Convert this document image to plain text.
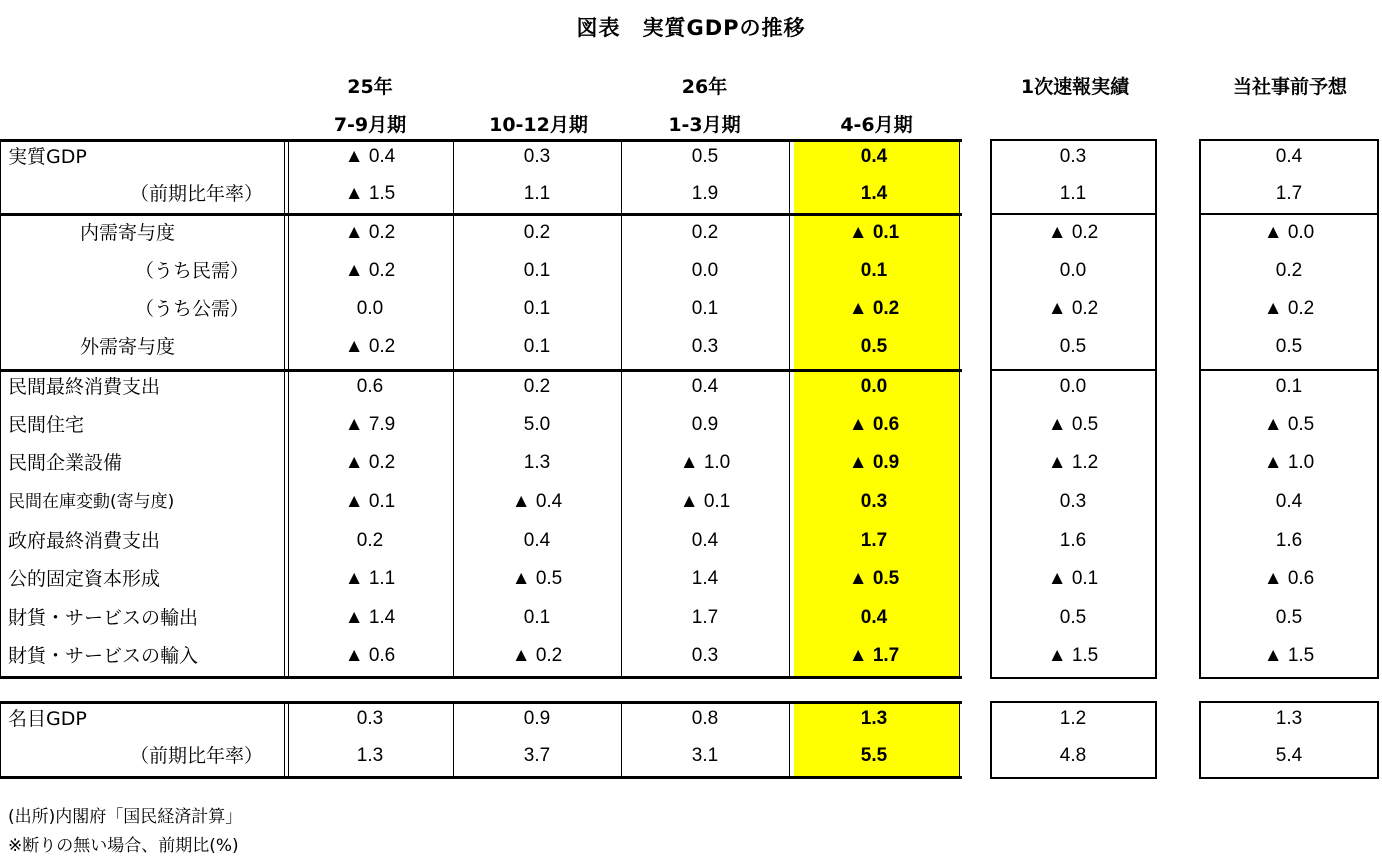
図表　実質GDPの推移
25年	26年
7-9月期	10-12月期	1-3月期	4-6月期
1次速報実績	当社事前予想
実質GDP	▲ 0.4	0.3	0.5	0.4	0.3	0.4
（前期比年率）	▲ 1.5	1.1	1.9	1.4	1.1	1.7
内需寄与度	▲ 0.2	0.2	0.2	▲ 0.1	▲ 0.2	▲ 0.0
（うち民需）	▲ 0.2	0.1	0.0	0.1	0.0	0.2
（うち公需）	0.0	0.1	0.1	▲ 0.2	▲ 0.2	▲ 0.2
外需寄与度	▲ 0.2	0.1	0.3	0.5	0.5	0.5
民間最終消費支出	0.6	0.2	0.4	0.0	0.0	0.1
民間住宅	▲ 7.9	5.0	0.9	▲ 0.6	▲ 0.5	▲ 0.5
民間企業設備	▲ 0.2	1.3	▲ 1.0	▲ 0.9	▲ 1.2	▲ 1.0
民間在庫変動(寄与度)	▲ 0.1	▲ 0.4	▲ 0.1	0.3	0.3	0.4
政府最終消費支出	0.2	0.4	0.4	1.7	1.6	1.6
公的固定資本形成	▲ 1.1	▲ 0.5	1.4	▲ 0.5	▲ 0.1	▲ 0.6
財貨・サービスの輸出	▲ 1.4	0.1	1.7	0.4	0.5	0.5
財貨・サービスの輸入	▲ 0.6	▲ 0.2	0.3	▲ 1.7	▲ 1.5	▲ 1.5
名目GDP	0.3	0.9	0.8	1.3	1.2	1.3
（前期比年率）	1.3	3.7	3.1	5.5	4.8	5.4
(出所)内閣府「国民経済計算」
※断りの無い場合、前期比(%)
